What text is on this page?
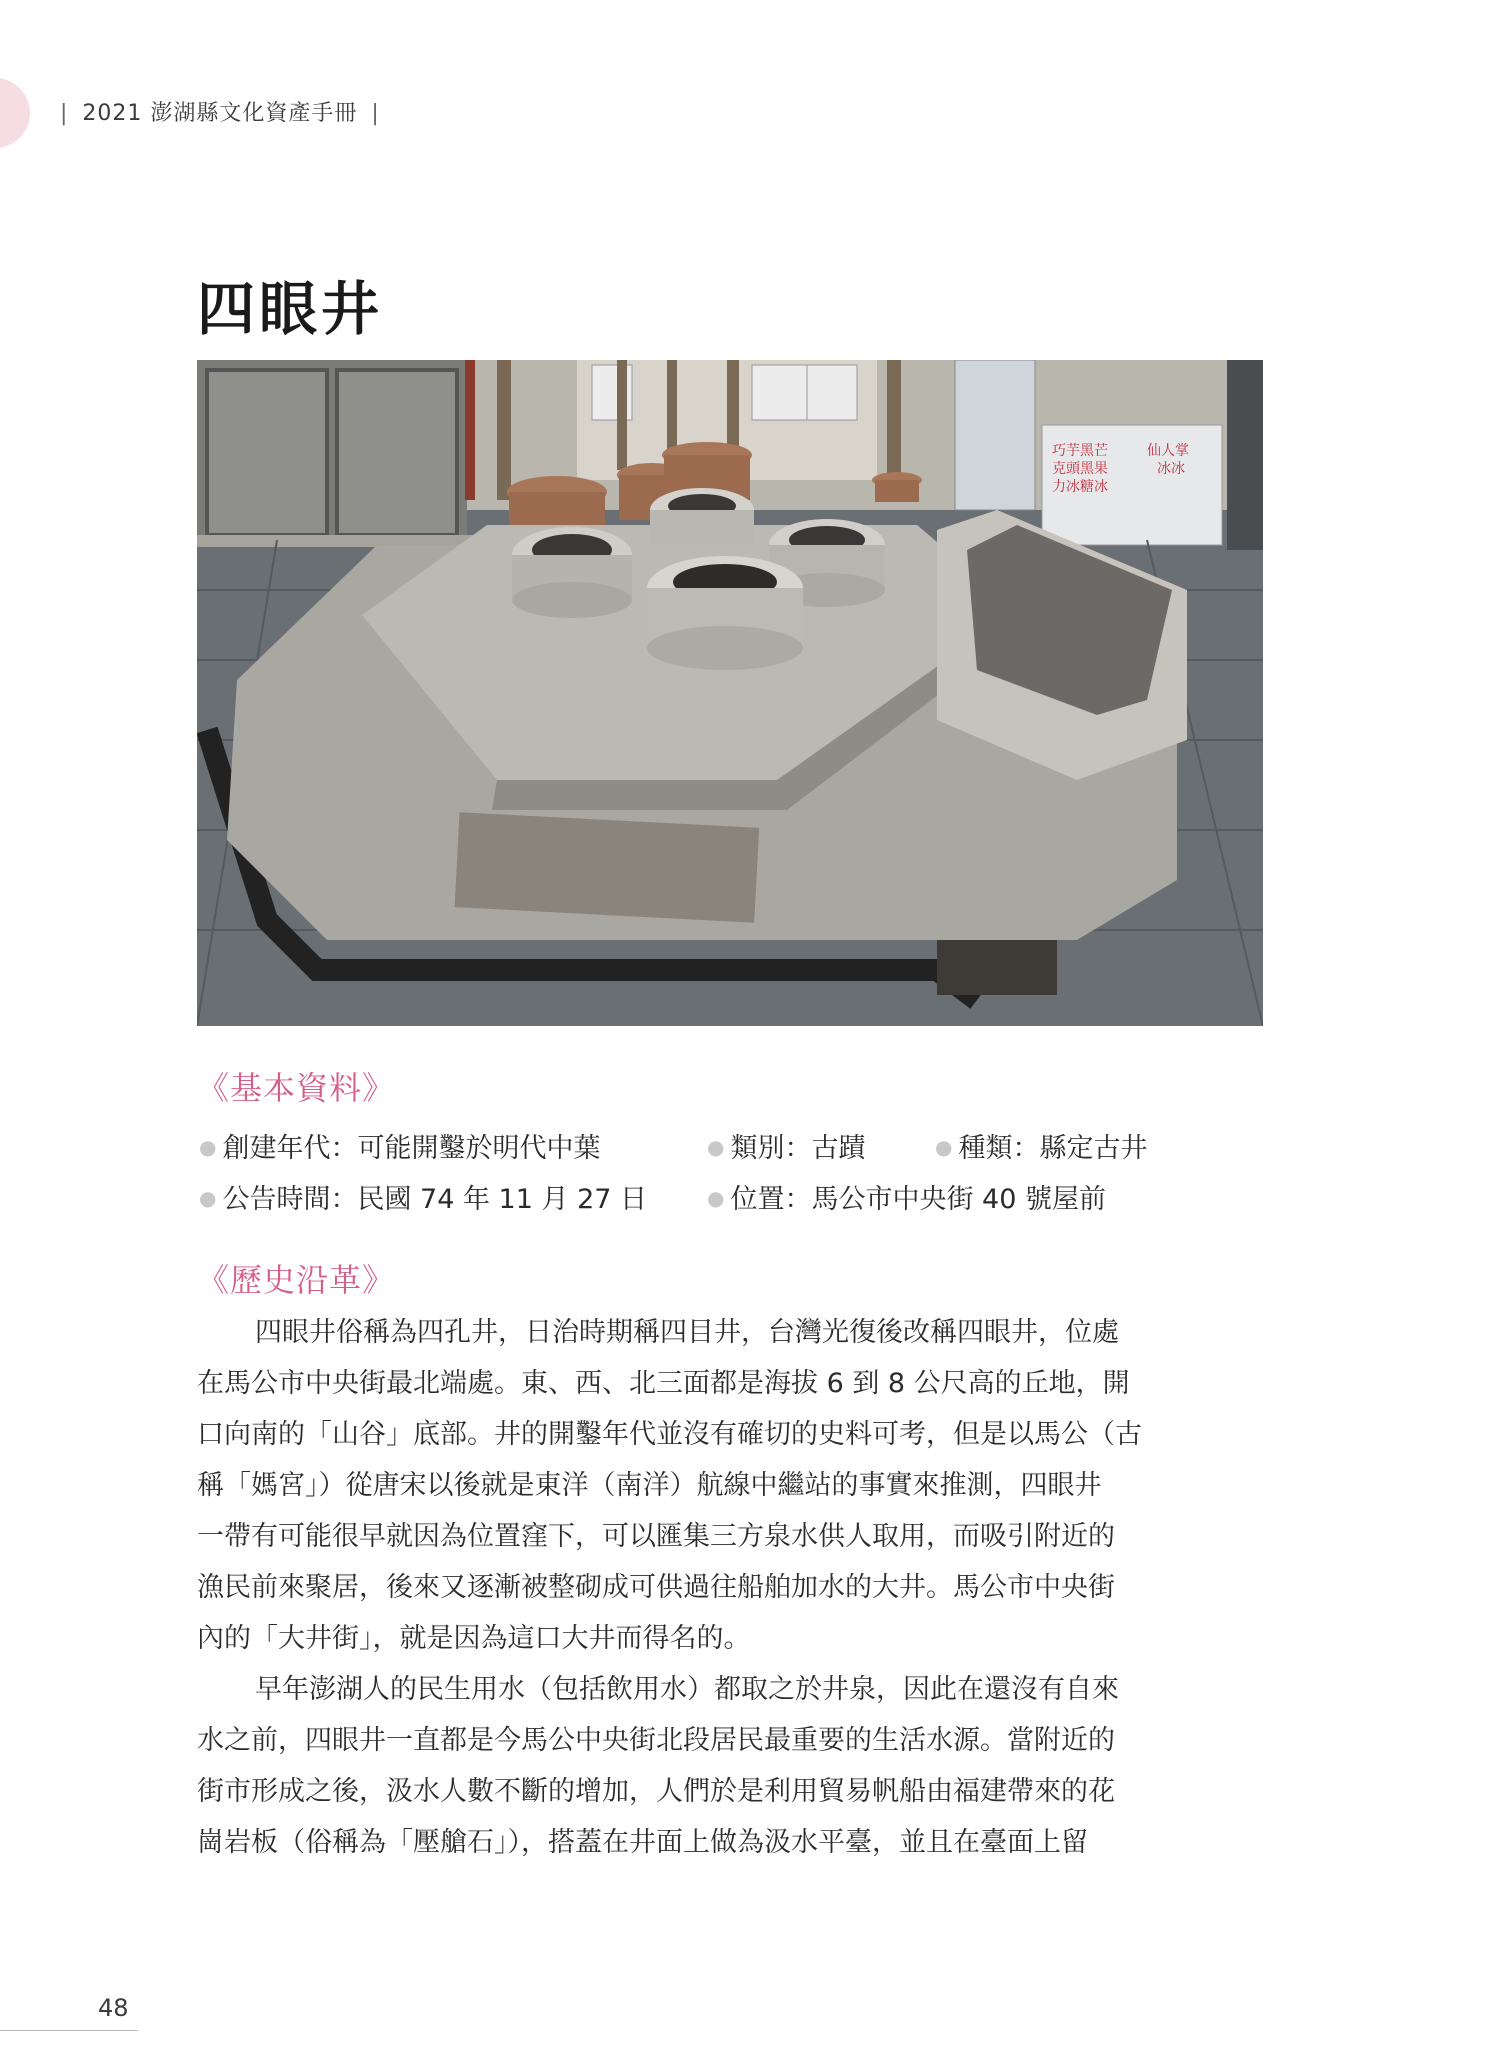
| 2021 澎湖縣文化資產手冊 |
四眼井
巧芋黑芒
克頭黑果
力冰糖冰
仙人掌
冰冰
《基本資料》
● 創建年代：可能開鑿於明代中葉	● 類別：古蹟	● 種類：縣定古井
● 公告時間：民國 74 年 11 月 27 日	● 位置：馬公市中央街 40 號屋前
《歷史沿革》
四眼井俗稱為四孔井，日治時期稱四目井，台灣光復後改稱四眼井，位處
在馬公市中央街最北端處。東、西、北三面都是海拔 6 到 8 公尺高的丘地，開
口向南的「山谷」底部。井的開鑿年代並沒有確切的史料可考，但是以馬公（古
稱「媽宮」）從唐宋以後就是東洋（南洋）航線中繼站的事實來推測，四眼井
一帶有可能很早就因為位置窪下，可以匯集三方泉水供人取用，而吸引附近的
漁民前來聚居，後來又逐漸被整砌成可供過往船舶加水的大井。馬公市中央街
內的「大井街」，就是因為這口大井而得名的。
早年澎湖人的民生用水（包括飲用水）都取之於井泉，因此在還沒有自來
水之前，四眼井一直都是今馬公中央街北段居民最重要的生活水源。當附近的
街市形成之後，汲水人數不斷的增加，人們於是利用貿易帆船由福建帶來的花
崗岩板（俗稱為「壓艙石」），搭蓋在井面上做為汲水平臺，並且在臺面上留
48
